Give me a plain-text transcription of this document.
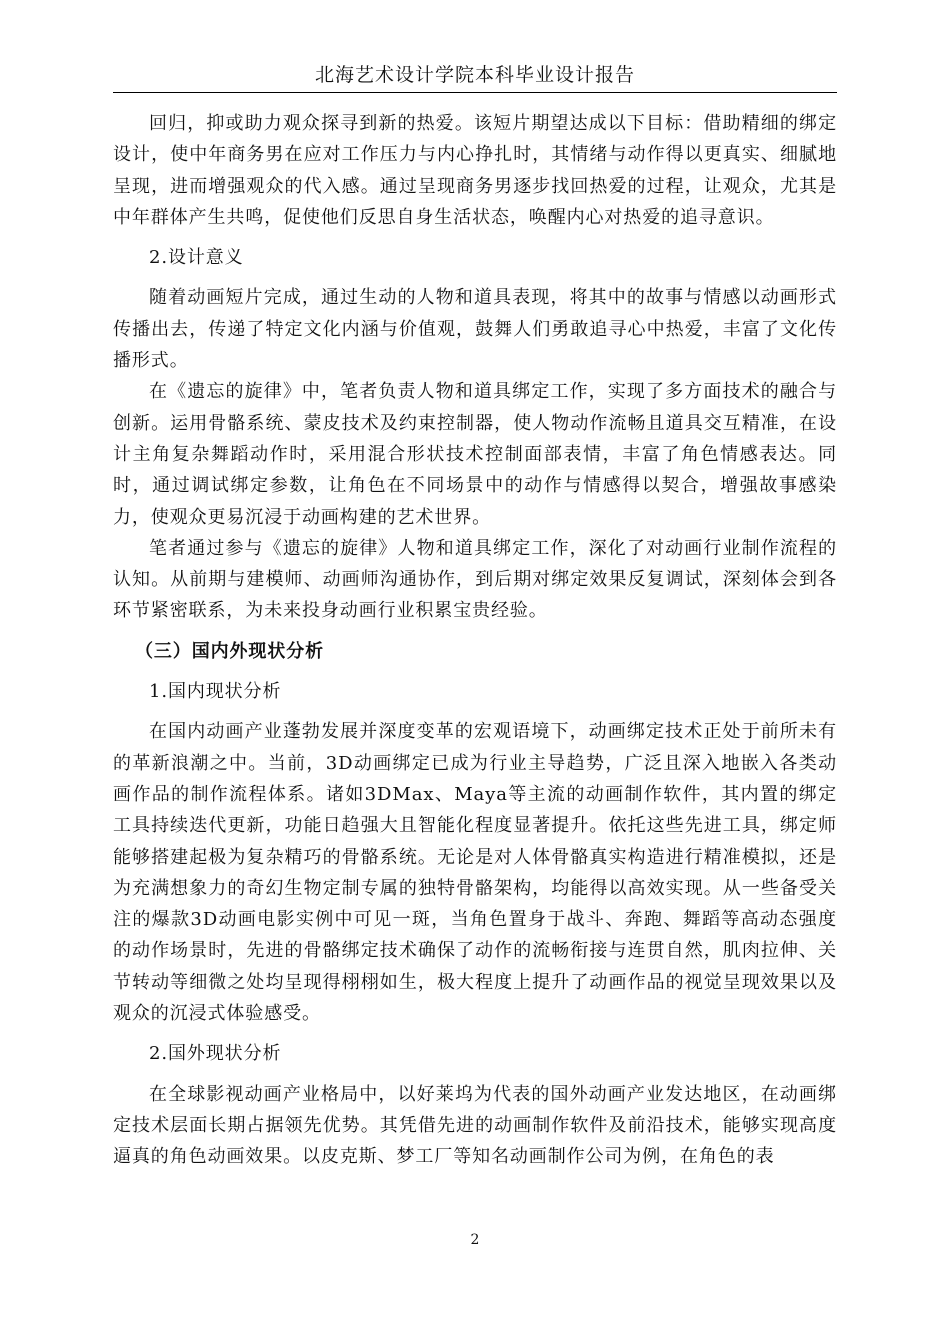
北海艺术设计学院本科毕业设计报告

回归，抑或助力观众探寻到新的热爱。该短片期望达成以下目标：借助精细的绑定设计，使中年商务男在应对工作压力与内心挣扎时，其情绪与动作得以更真实、细腻地呈现，进而增强观众的代入感。通过呈现商务男逐步找回热爱的过程，让观众，尤其是中年群体产生共鸣，促使他们反思自身生活状态，唤醒内心对热爱的追寻意识。

2.设计意义

随着动画短片完成，通过生动的人物和道具表现，将其中的故事与情感以动画形式传播出去，传递了特定文化内涵与价值观，鼓舞人们勇敢追寻心中热爱，丰富了文化传播形式。

在《遗忘的旋律》中，笔者负责人物和道具绑定工作，实现了多方面技术的融合与创新。运用骨骼系统、蒙皮技术及约束控制器，使人物动作流畅且道具交互精准，在设计主角复杂舞蹈动作时，采用混合形状技术控制面部表情，丰富了角色情感表达。同时，通过调试绑定参数，让角色在不同场景中的动作与情感得以契合，增强故事感染力，使观众更易沉浸于动画构建的艺术世界。

笔者通过参与《遗忘的旋律》人物和道具绑定工作，深化了对动画行业制作流程的认知。从前期与建模师、动画师沟通协作，到后期对绑定效果反复调试，深刻体会到各环节紧密联系，为未来投身动画行业积累宝贵经验。

（三）国内外现状分析

1.国内现状分析

在国内动画产业蓬勃发展并深度变革的宏观语境下，动画绑定技术正处于前所未有的革新浪潮之中。当前，3D动画绑定已成为行业主导趋势，广泛且深入地嵌入各类动画作品的制作流程体系。诸如3DMax、Maya等主流的动画制作软件，其内置的绑定工具持续迭代更新，功能日趋强大且智能化程度显著提升。依托这些先进工具，绑定师能够搭建起极为复杂精巧的骨骼系统。无论是对人体骨骼真实构造进行精准模拟，还是为充满想象力的奇幻生物定制专属的独特骨骼架构，均能得以高效实现。从一些备受关注的爆款3D动画电影实例中可见一斑，当角色置身于战斗、奔跑、舞蹈等高动态强度的动作场景时，先进的骨骼绑定技术确保了动作的流畅衔接与连贯自然，肌肉拉伸、关节转动等细微之处均呈现得栩栩如生，极大程度上提升了动画作品的视觉呈现效果以及观众的沉浸式体验感受。

2.国外现状分析

在全球影视动画产业格局中，以好莱坞为代表的国外动画产业发达地区，在动画绑定技术层面长期占据领先优势。其凭借先进的动画制作软件及前沿技术，能够实现高度逼真的角色动画效果。以皮克斯、梦工厂等知名动画制作公司为例，在角色的表

2
